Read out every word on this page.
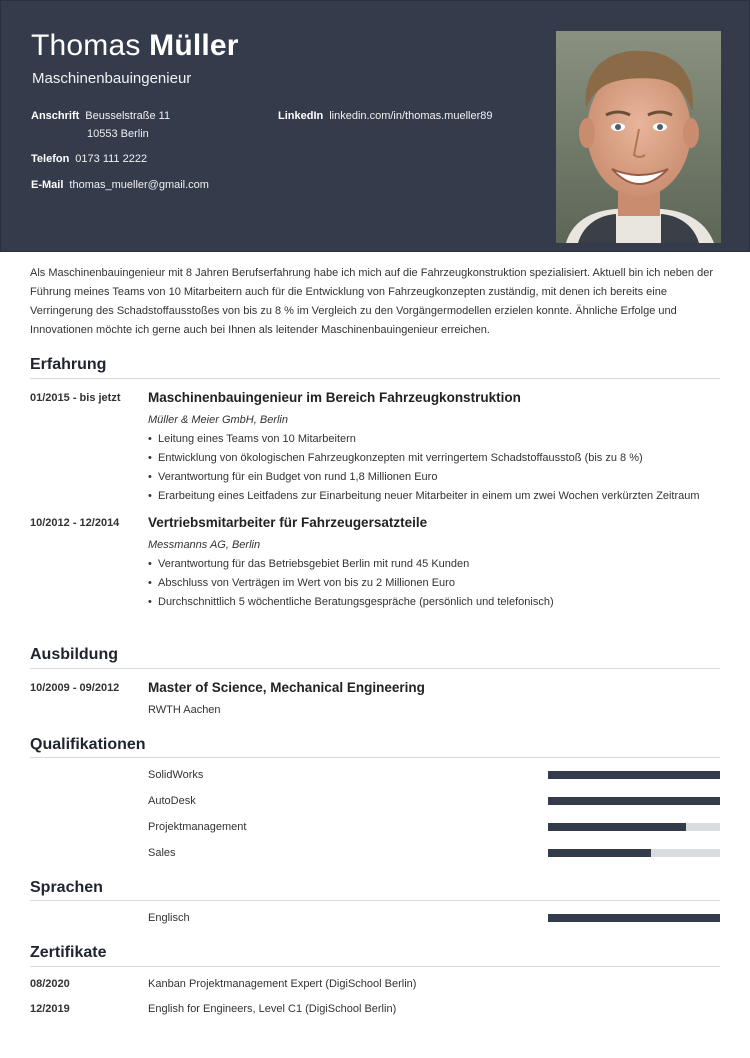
Thomas Müller
Maschinenbauingenieur
Anschrift Beusselstraße 11
10553 Berlin
Telefon 0173 111 2222
E-Mail thomas_mueller@gmail.com
LinkedIn linkedin.com/in/thomas.mueller89
Als Maschinenbauingenieur mit 8 Jahren Berufserfahrung habe ich mich auf die Fahrzeugkonstruktion spezialisiert. Aktuell bin ich neben der Führung meines Teams von 10 Mitarbeitern auch für die Entwicklung von Fahrzeugkonzepten zuständig, mit denen ich bereits eine Verringerung des Schadstoffausstoßes von bis zu 8 % im Vergleich zu den Vorgängermodellen erzielen konnte. Ähnliche Erfolge und Innovationen möchte ich gerne auch bei Ihnen als leitender Maschinenbauingenieur erreichen.
Erfahrung
01/2015 - bis jetzt Maschinenbauingenieur im Bereich Fahrzeugkonstruktion
Müller & Meier GmbH, Berlin
• Leitung eines Teams von 10 Mitarbeitern
• Entwicklung von ökologischen Fahrzeugkonzepten mit verringertem Schadstoffausstoß (bis zu 8 %)
• Verantwortung für ein Budget von rund 1,8 Millionen Euro
• Erarbeitung eines Leitfadens zur Einarbeitung neuer Mitarbeiter in einem um zwei Wochen verkürzten Zeitraum
10/2012 - 12/2014 Vertriebsmitarbeiter für Fahrzeugersatzteile
Messmanns AG, Berlin
• Verantwortung für das Betriebsgebiet Berlin mit rund 45 Kunden
• Abschluss von Verträgen im Wert von bis zu 2 Millionen Euro
• Durchschnittlich 5 wöchentliche Beratungsgespräche (persönlich und telefonisch)
Ausbildung
10/2009 - 09/2012 Master of Science, Mechanical Engineering
RWTH Aachen
Qualifikationen
SolidWorks
AutoDesk
Projektmanagement
Sales
Sprachen
Englisch
Zertifikate
08/2020	Kanban Projektmanagement Expert (DigiSchool Berlin)
12/2019	English for Engineers, Level C1 (DigiSchool Berlin)
